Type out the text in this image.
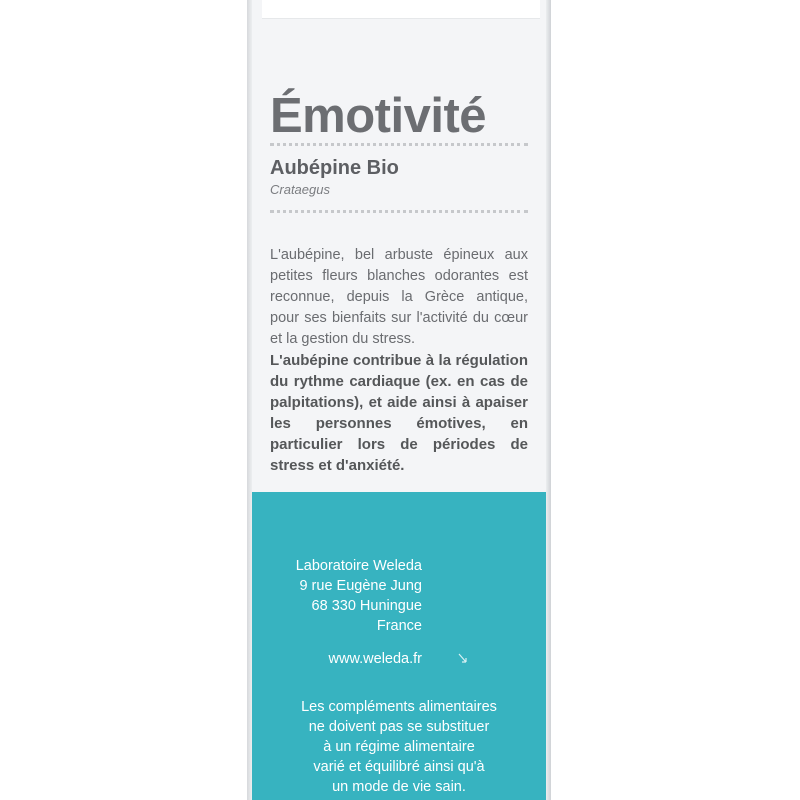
Émotivité
Aubépine Bio
Crataegus

L'aubépine, bel arbuste épineux aux petites fleurs blanches odorantes est reconnue, depuis la Grèce antique, pour ses bienfaits sur l'activité du cœur et la gestion du stress.

L'aubépine contribue à la régulation du rythme cardiaque (ex. en cas de palpitations), et aide ainsi à apaiser les personnes émotives, en particulier lors de périodes de stress et d'anxiété.

Laboratoire Weleda
9 rue Eugène Jung
68 330 Huningue
France
www.weleda.fr
Les compléments alimentaires
ne doivent pas se substituer
à un régime alimentaire
varié et équilibré ainsi qu'à
un mode de vie sain.
